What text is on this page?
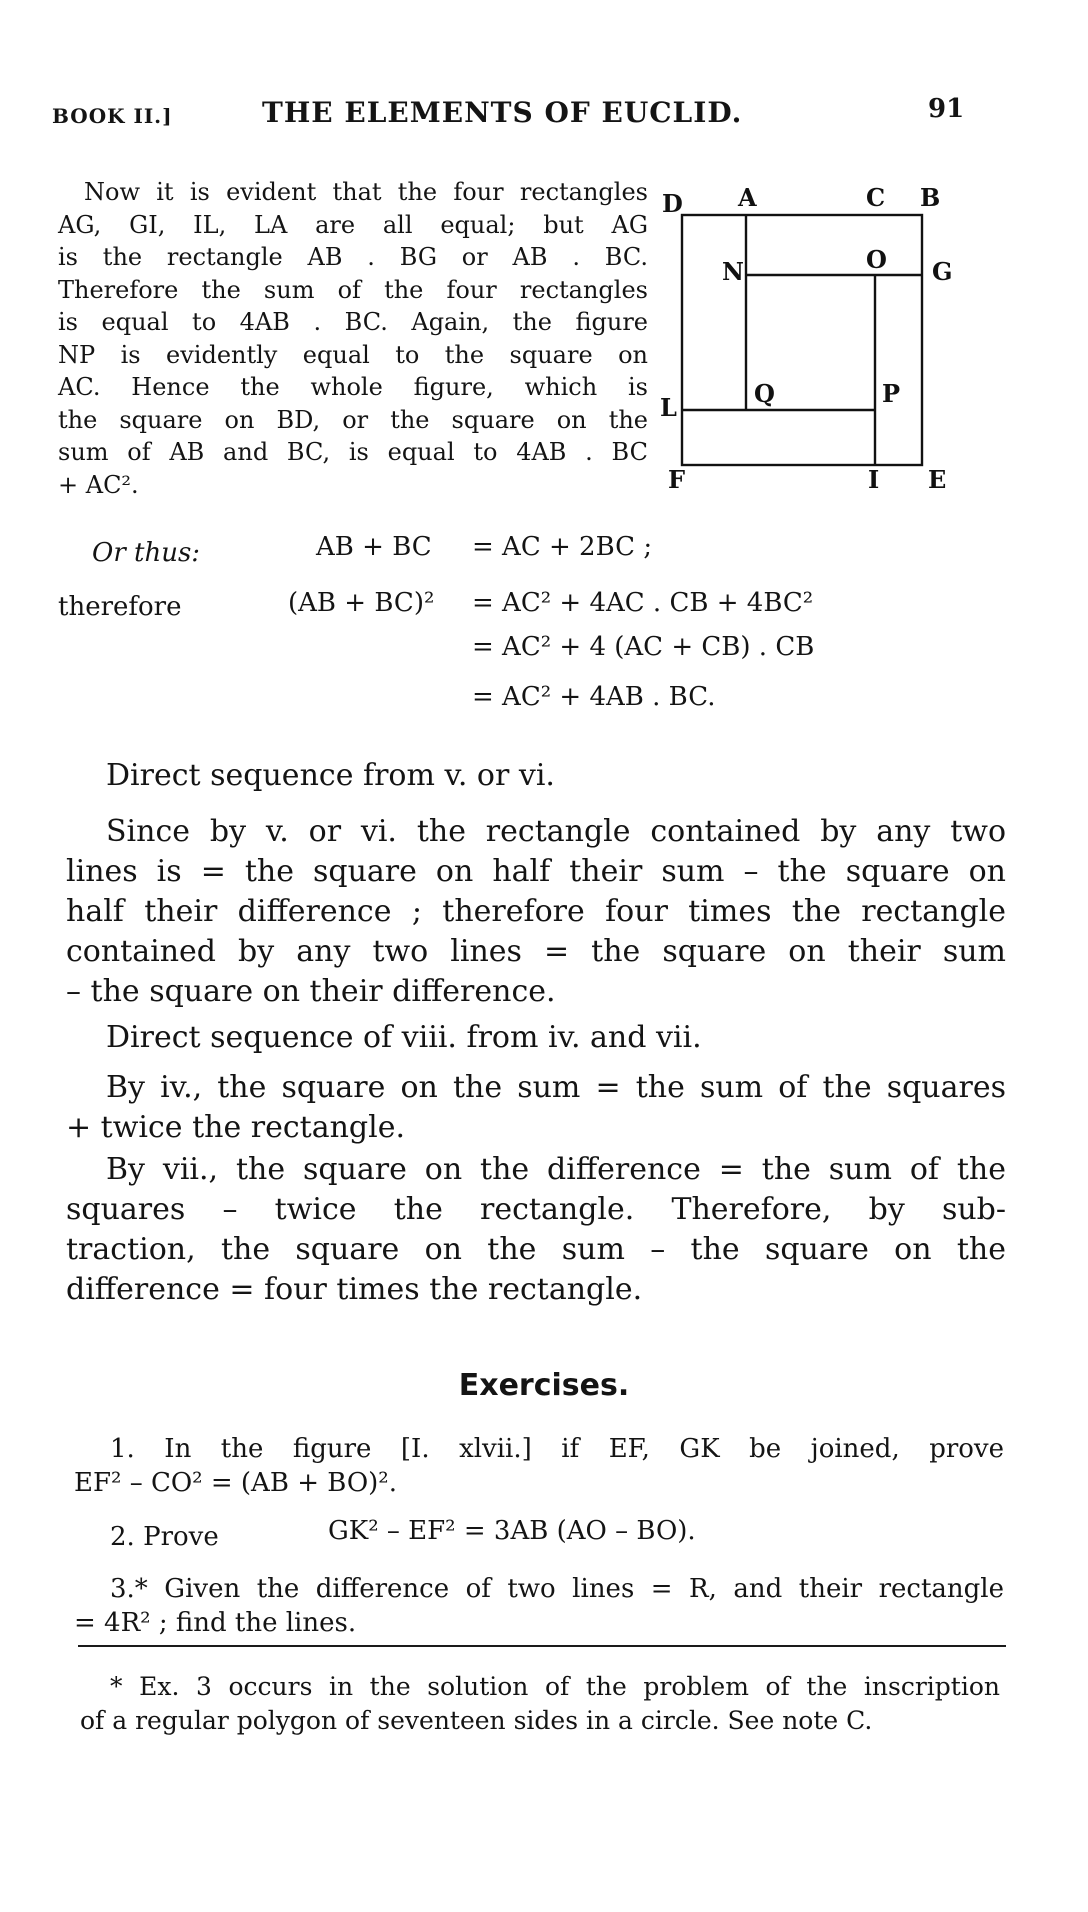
BOOK II.]	THE ELEMENTS OF EUCLID.	91
Now it is evident that the four rectangles
AG, GI, IL, LA are all equal; but AG
is the rectangle AB . BG or AB . BC.
Therefore the sum of the four rectangles
is equal to 4AB . BC. Again, the figure
NP is evidently equal to the square on
AC. Hence the whole figure, which is
the square on BD, or the square on the
sum of AB and BC, is equal to 4AB . BC
+ AC².
D A	C B
N	O G
L	Q	P
F	I E
Or thus:	AB + BC = AC + 2BC ;
therefore	(AB + BC)² = AC² + 4AC . CB + 4BC²
= AC² + 4 (AC + CB) . CB
= AC² + 4AB . BC.
Direct sequence from v. or vi.
Since by v. or vi. the rectangle contained by any two
lines is = the square on half their sum – the square on
half their difference ; therefore four times the rectangle
contained by any two lines = the square on their sum
– the square on their difference.
Direct sequence of viii. from iv. and vii.
By iv., the square on the sum = the sum of the squares
+ twice the rectangle.
By vii., the square on the difference = the sum of the
squares – twice the rectangle. Therefore, by sub-
traction, the square on the sum – the square on the
difference = four times the rectangle.
Exercises.
1. In the figure [I. xlvii.] if EF, GK be joined, prove
EF² – CO² = (AB + BO)².
2. Prove	GK² – EF² = 3AB (AO – BO).
3.* Given the difference of two lines = R, and their rectangle
= 4R² ; find the lines.
* Ex. 3 occurs in the solution of the problem of the inscription
of a regular polygon of seventeen sides in a circle. See note C.
